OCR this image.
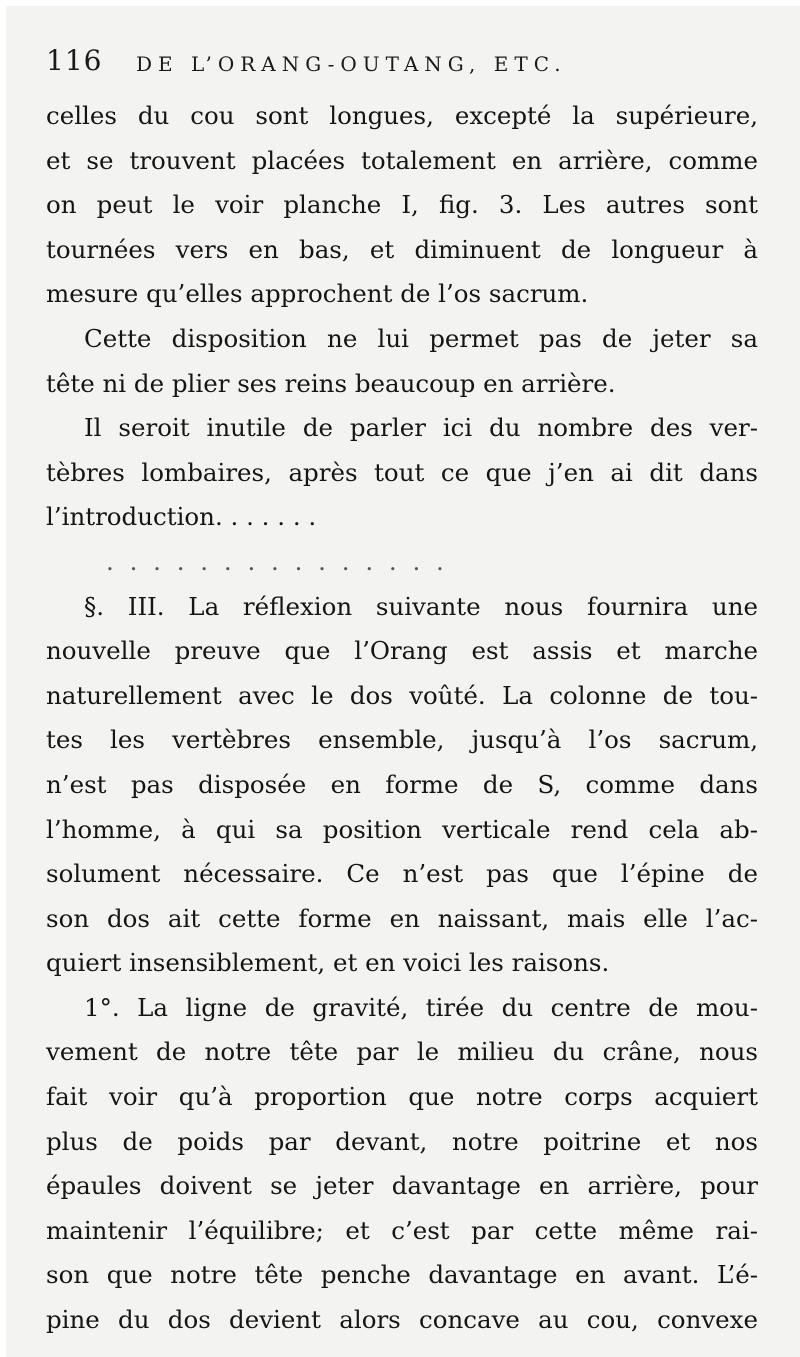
116 DE L’ORANG-OUTANG, ETC.
celles du cou sont longues, excepté la supérieure,
et se trouvent placées totalement en arrière, comme
on peut le voir planche I, fig. 3. Les autres sont
tournées vers en bas, et diminuent de longueur à
mesure qu’elles approchent de l’os sacrum.
Cette disposition ne lui permet pas de jeter sa
tête ni de plier ses reins beaucoup en arrière.
Il seroit inutile de parler ici du nombre des ver-
tèbres lombaires, après tout ce que j’en ai dit dans
l’introduction. . . . . . .
. . . . . . . . . . . . . . .
§. III. La réflexion suivante nous fournira une
nouvelle preuve que l’Orang est assis et marche
naturellement avec le dos voûté. La colonne de tou-
tes les vertèbres ensemble, jusqu’à l’os sacrum,
n’est pas disposée en forme de S, comme dans
l’homme, à qui sa position verticale rend cela ab-
solument nécessaire. Ce n’est pas que l’épine de
son dos ait cette forme en naissant, mais elle l’ac-
quiert insensiblement, et en voici les raisons.
1°. La ligne de gravité, tirée du centre de mou-
vement de notre tête par le milieu du crâne, nous
fait voir qu’à proportion que notre corps acquiert
plus de poids par devant, notre poitrine et nos
épaules doivent se jeter davantage en arrière, pour
maintenir l’équilibre; et c’est par cette même rai-
son que notre tête penche davantage en avant. L’é-
pine du dos devient alors concave au cou, convexe
